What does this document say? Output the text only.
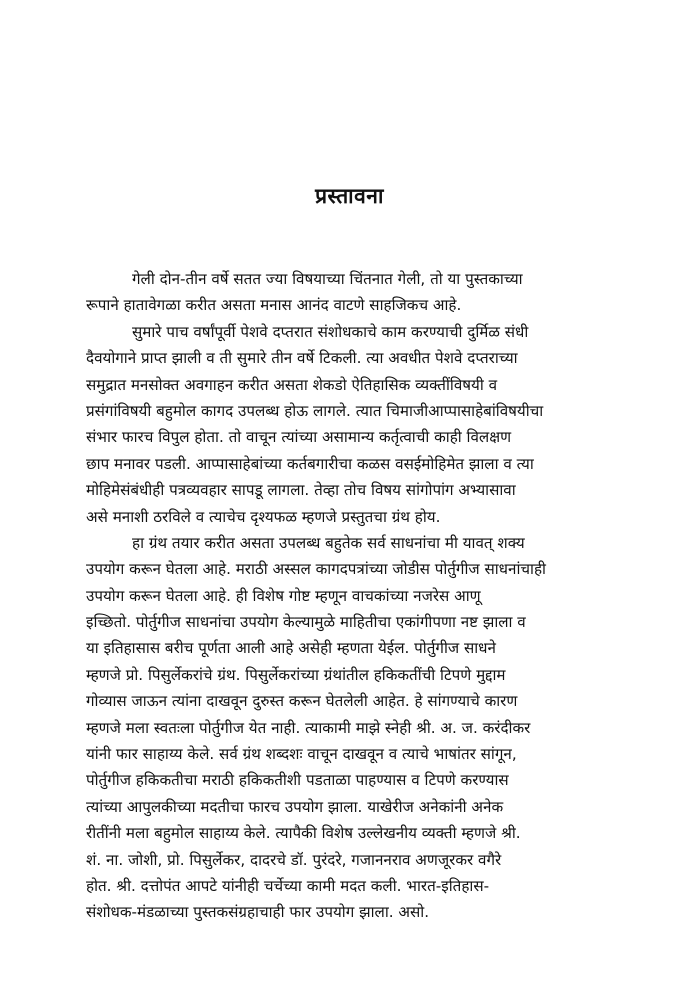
प्रस्तावना
गेली दोन-तीन वर्षे सतत ज्या विषयाच्या चिंतनात गेली, तो या पुस्तकाच्या
रूपाने हातावेगळा करीत असता मनास आनंद वाटणे साहजिकच आहे.
सुमारे पाच वर्षांपूर्वी पेशवे दप्तरात संशोधकाचे काम करण्याची दुर्मिळ संधी
दैवयोगाने प्राप्त झाली व ती सुमारे तीन वर्षे टिकली. त्या अवधीत पेशवे दप्तराच्या
समुद्रात मनसोक्त अवगाहन करीत असता शेकडो ऐतिहासिक व्यक्तींविषयी व
प्रसंगांविषयी बहुमोल कागद उपलब्ध होऊ लागले. त्यात चिमाजीआप्पासाहेबांविषयीचा
संभार फारच विपुल होता. तो वाचून त्यांच्या असामान्य कर्तृत्वाची काही विलक्षण
छाप मनावर पडली. आप्पासाहेबांच्या कर्तबगारीचा कळस वसईमोहिमेत झाला व त्या
मोहिमेसंबंधीही पत्रव्यवहार सापडू लागला. तेव्हा तोच विषय सांगोपांग अभ्यासावा
असे मनाशी ठरविले व त्याचेच दृश्यफळ म्हणजे प्रस्तुतचा ग्रंथ होय.
हा ग्रंथ तयार करीत असता उपलब्ध बहुतेक सर्व साधनांचा मी यावत् शक्य
उपयोग करून घेतला आहे. मराठी अस्सल कागदपत्रांच्या जोडीस पोर्तुगीज साधनांचाही
उपयोग करून घेतला आहे. ही विशेष गोष्ट म्हणून वाचकांच्या नजरेस आणू
इच्छितो. पोर्तुगीज साधनांचा उपयोग केल्यामुळे माहितीचा एकांगीपणा नष्ट झाला व
या इतिहासास बरीच पूर्णता आली आहे असेही म्हणता येईल. पोर्तुगीज साधने
म्हणजे प्रो. पिसुर्लेकरांचे ग्रंथ. पिसुर्लेकरांच्या ग्रंथांतील हकिकतींची टिपणे मुद्दाम
गोव्यास जाऊन त्यांना दाखवून दुरुस्त करून घेतलेली आहेत. हे सांगण्याचे कारण
म्हणजे मला स्वतःला पोर्तुगीज येत नाही. त्याकामी माझे स्नेही श्री. अ. ज. करंदीकर
यांनी फार साहाय्य केले. सर्व ग्रंथ शब्दशः वाचून दाखवून व त्याचे भाषांतर सांगून,
पोर्तुगीज हकिकतीचा मराठी हकिकतीशी पडताळा पाहण्यास व टिपणे करण्यास
त्यांच्या आपुलकीच्या मदतीचा फारच उपयोग झाला. याखेरीज अनेकांनी अनेक
रीतींनी मला बहुमोल साहाय्य केले. त्यापैकी विशेष उल्लेखनीय व्यक्ती म्हणजे श्री.
शं. ना. जोशी, प्रो. पिसुर्लेकर, दादरचे डॉ. पुरंदरे, गजाननराव अणजूरकर वगैरे
होत. श्री. दत्तोपंत आपटे यांनीही चर्चेच्या कामी मदत कली. भारत-इतिहास-
संशोधक-मंडळाच्या पुस्तकसंग्रहाचाही फार उपयोग झाला. असो.
